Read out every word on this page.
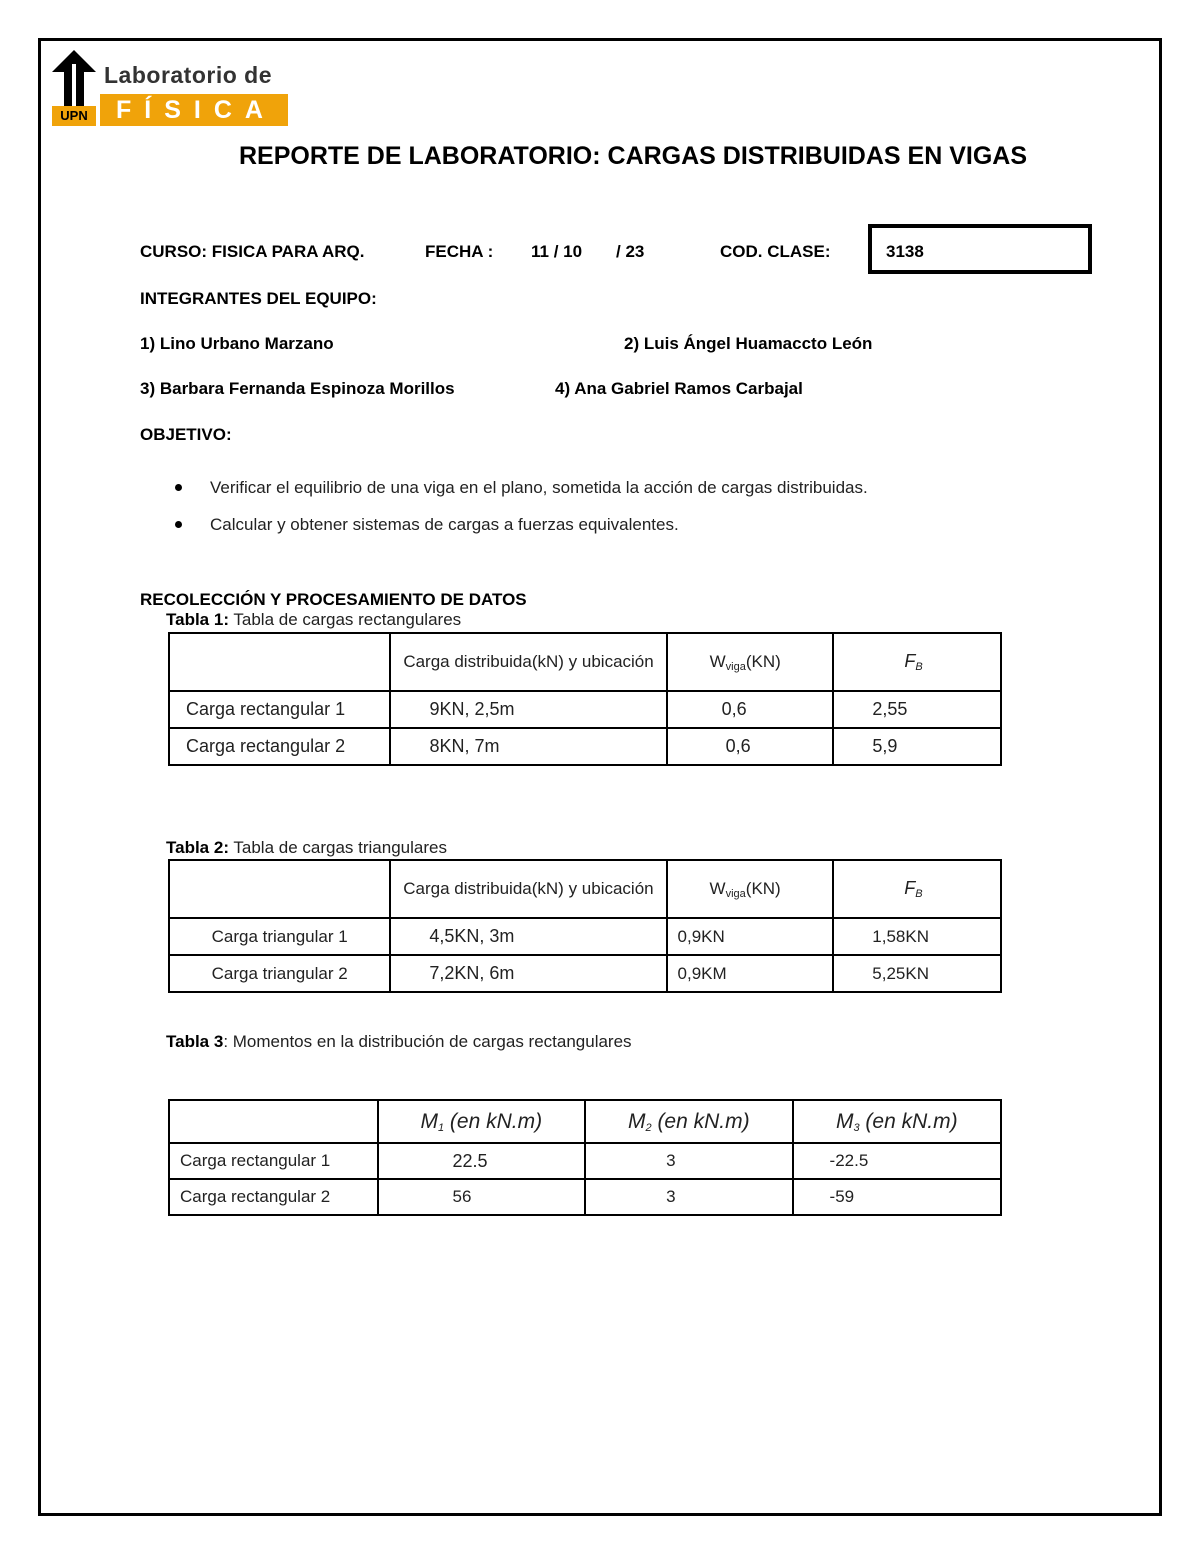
UPN
Laboratorio de
FÍSICA
REPORTE DE LABORATORIO: CARGAS DISTRIBUIDAS EN VIGAS
CURSO: FISICA PARA ARQ.	FECHA : 11 / 10 / 23	COD. CLASE:	3138
INTEGRANTES DEL EQUIPO:
1) Lino Urbano Marzano	2) Luis Ángel Huamaccto León
3) Barbara Fernanda Espinoza Morillos	4) Ana Gabriel Ramos Carbajal
OBJETIVO:
Verificar el equilibrio de una viga en el plano, sometida la acción de cargas distribuidas.
Calcular y obtener sistemas de cargas a fuerzas equivalentes.
RECOLECCIÓN Y PROCESAMIENTO DE DATOS
Tabla 1: Tabla de cargas rectangulares
	Carga distribuida(kN) y ubicación	$W_{viga}(KN)$	$F_B$
Carga rectangular 1	9KN, 2,5m	0,6	2,55
Carga rectangular 2	8KN, 7m	0,6	5,9
Tabla 2: Tabla de cargas triangulares
	Carga distribuida(kN) y ubicación	$W_{viga}(KN)$	$F_B$
Carga triangular 1	4,5KN, 3m	0,9KN	1,58KN
Carga triangular 2	7,2KN, 6m	0,9KM	5,25KN
Tabla 3: Momentos en la distribución de cargas rectangulares
	$M_1$ (en kN.m)	$M_2$ (en kN.m)	$M_3$ (en kN.m)
Carga rectangular 1	22.5	3	-22.5
Carga rectangular 2	56	3	-59
